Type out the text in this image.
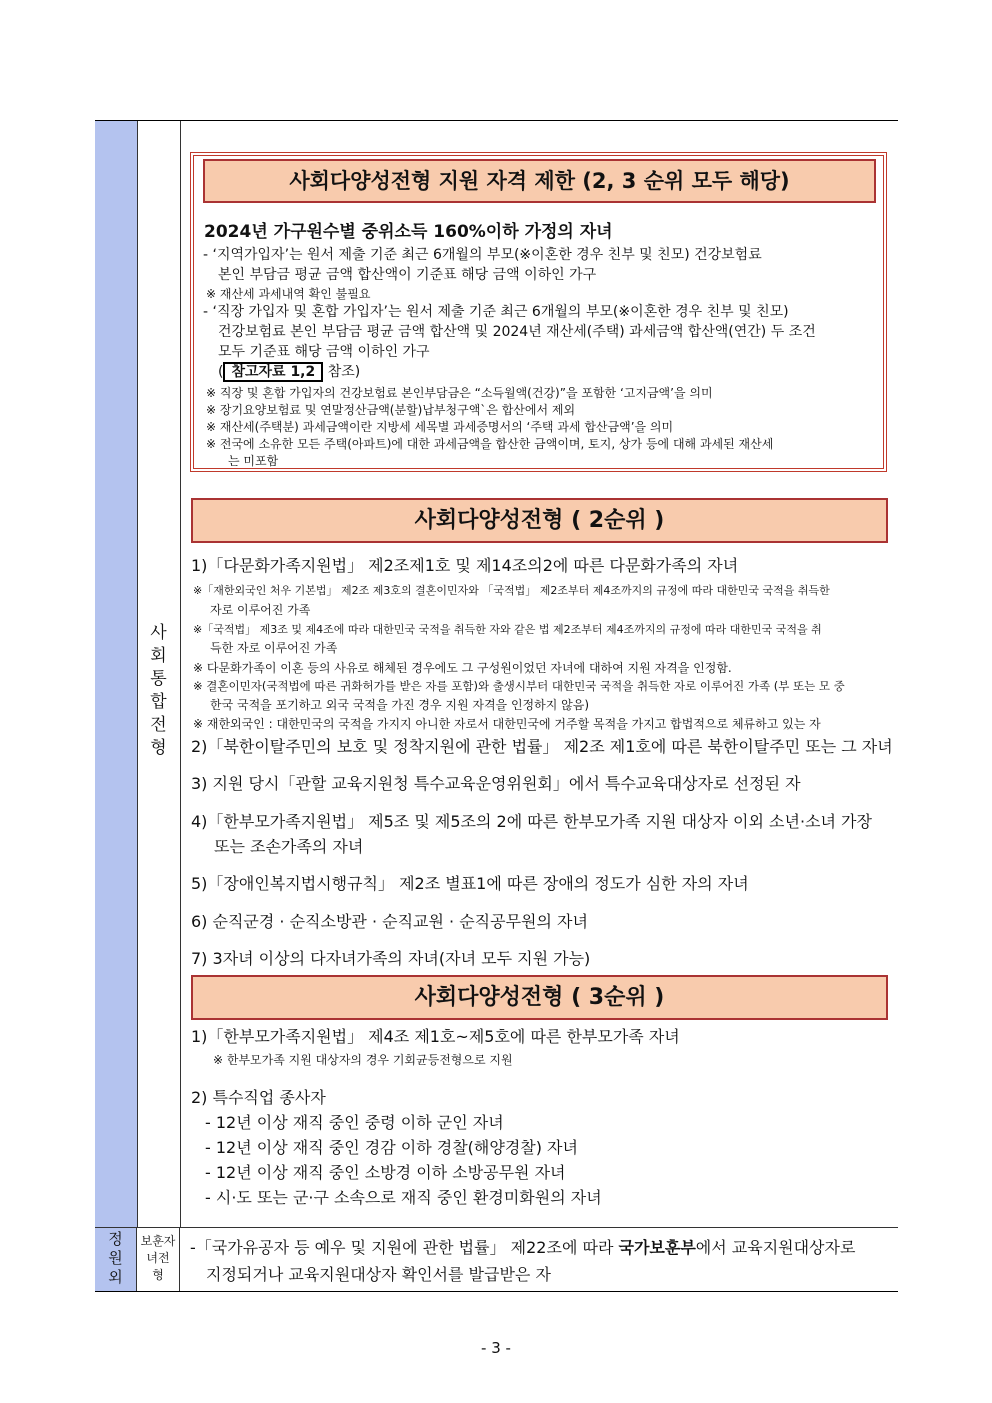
사
회
통
합
전
형
정
원
외
보훈자
녀전
형
사회다양성전형 지원 자격 제한 (2, 3 순위 모두 해당)
2024년 가구원수별 중위소득 160%이하 가정의 자녀
- ‘지역가입자’는 원서 제출 기준 최근 6개월의 부모(※이혼한 경우 친부 및 친모) 건강보험료
본인 부담금 평균 금액 합산액이 기준표 해당 금액 이하인 가구
※ 재산세 과세내역 확인 불필요
- ‘직장 가입자 및 혼합 가입자’는 원서 제출 기준 최근 6개월의 부모(※이혼한 경우 친부 및 친모)
건강보험료 본인 부담금 평균 금액 합산액 및 2024년 재산세(주택) 과세금액 합산액(연간) 두 조건
모두 기준표 해당 금액 이하인 가구
( 참고자료 1,2 참조)
※ 직장 및 혼합 가입자의 건강보험료 본인부담금은 “소득월액(건강)”을 포함한 ‘고지금액’을 의미
※ 장기요양보험료 및 연말정산금액(분할)납부청구액`은 합산에서 제외
※ 재산세(주택분) 과세금액이란 지방세 세목별 과세증명서의 ‘주택 과세 합산금액’을 의미
※ 전국에 소유한 모든 주택(아파트)에 대한 과세금액을 합산한 금액이며, 토지, 상가 등에 대해 과세된 재산세
는 미포함
사회다양성전형 ( 2순위 )
1)「다문화가족지원법」 제2조제1호 및 제14조의2에 따른 다문화가족의 자녀
※「재한외국인 처우 기본법」 제2조 제3호의 결혼이민자와 「국적법」 제2조부터 제4조까지의 규정에 따라 대한민국 국적을 취득한
자로 이루어진 가족
※「국적법」 제3조 및 제4조에 따라 대한민국 국적을 취득한 자와 같은 법 제2조부터 제4조까지의 규정에 따라 대한민국 국적을 취
득한 자로 이루어진 가족
※ 다문화가족이 이혼 등의 사유로 해체된 경우에도 그 구성원이었던 자녀에 대하여 지원 자격을 인정함.
※ 결혼이민자(국적법에 따른 귀화허가를 받은 자를 포함)와 출생시부터 대한민국 국적을 취득한 자로 이루어진 가족 (부 또는 모 중
한국 국적을 포기하고 외국 국적을 가진 경우 지원 자격을 인정하지 않음)
※ 재한외국인 : 대한민국의 국적을 가지지 아니한 자로서 대한민국에 거주할 목적을 가지고 합법적으로 체류하고 있는 자
2)「북한이탈주민의 보호 및 정착지원에 관한 법률」 제2조 제1호에 따른 북한이탈주민 또는 그 자녀
3) 지원 당시「관할 교육지원청 특수교육운영위원회」에서 특수교육대상자로 선정된 자
4)「한부모가족지원법」 제5조 및 제5조의 2에 따른 한부모가족 지원 대상자 이외 소년·소녀 가장
또는 조손가족의 자녀
5)「장애인복지법시행규칙」 제2조 별표1에 따른 장애의 정도가 심한 자의 자녀
6) 순직군경 · 순직소방관 · 순직교원 · 순직공무원의 자녀
7) 3자녀 이상의 다자녀가족의 자녀(자녀 모두 지원 가능)
사회다양성전형 ( 3순위 )
1)「한부모가족지원법」 제4조 제1호~제5호에 따른 한부모가족 자녀
※ 한부모가족 지원 대상자의 경우 기회균등전형으로 지원
2) 특수직업 종사자
- 12년 이상 재직 중인 중령 이하 군인 자녀
- 12년 이상 재직 중인 경감 이하 경찰(해양경찰) 자녀
- 12년 이상 재직 중인 소방경 이하 소방공무원 자녀
- 시·도 또는 군·구 소속으로 재직 중인 환경미화원의 자녀
-「국가유공자 등 예우 및 지원에 관한 법률」 제22조에 따라 국가보훈부에서 교육지원대상자로
지정되거나 교육지원대상자 확인서를 발급받은 자
- 3 -
